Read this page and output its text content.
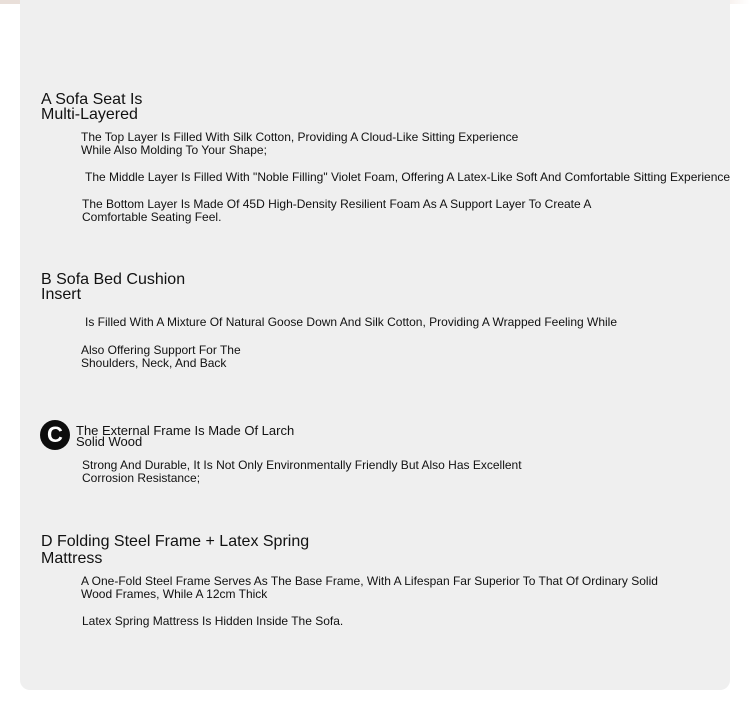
A Sofa Seat Is
Multi-Layered
The Top Layer Is Filled With Silk Cotton, Providing A Cloud-Like Sitting Experience
While Also Molding To Your Shape;
The Middle Layer Is Filled With "Noble Filling" Violet Foam, Offering A Latex-Like Soft And Comfortable Sitting Experience
The Bottom Layer Is Made Of 45D High-Density Resilient Foam As A Support Layer To Create A
Comfortable Seating Feel.
B Sofa Bed Cushion
Insert
Is Filled With A Mixture Of Natural Goose Down And Silk Cotton, Providing A Wrapped Feeling While
Also Offering Support For The
Shoulders, Neck, And Back
C	The External Frame Is Made Of Larch
Solid Wood
Strong And Durable, It Is Not Only Environmentally Friendly But Also Has Excellent
Corrosion Resistance;
D Folding Steel Frame + Latex Spring
Mattress
A One-Fold Steel Frame Serves As The Base Frame, With A Lifespan Far Superior To That Of Ordinary Solid
Wood Frames, While A 12cm Thick
Latex Spring Mattress Is Hidden Inside The Sofa.
